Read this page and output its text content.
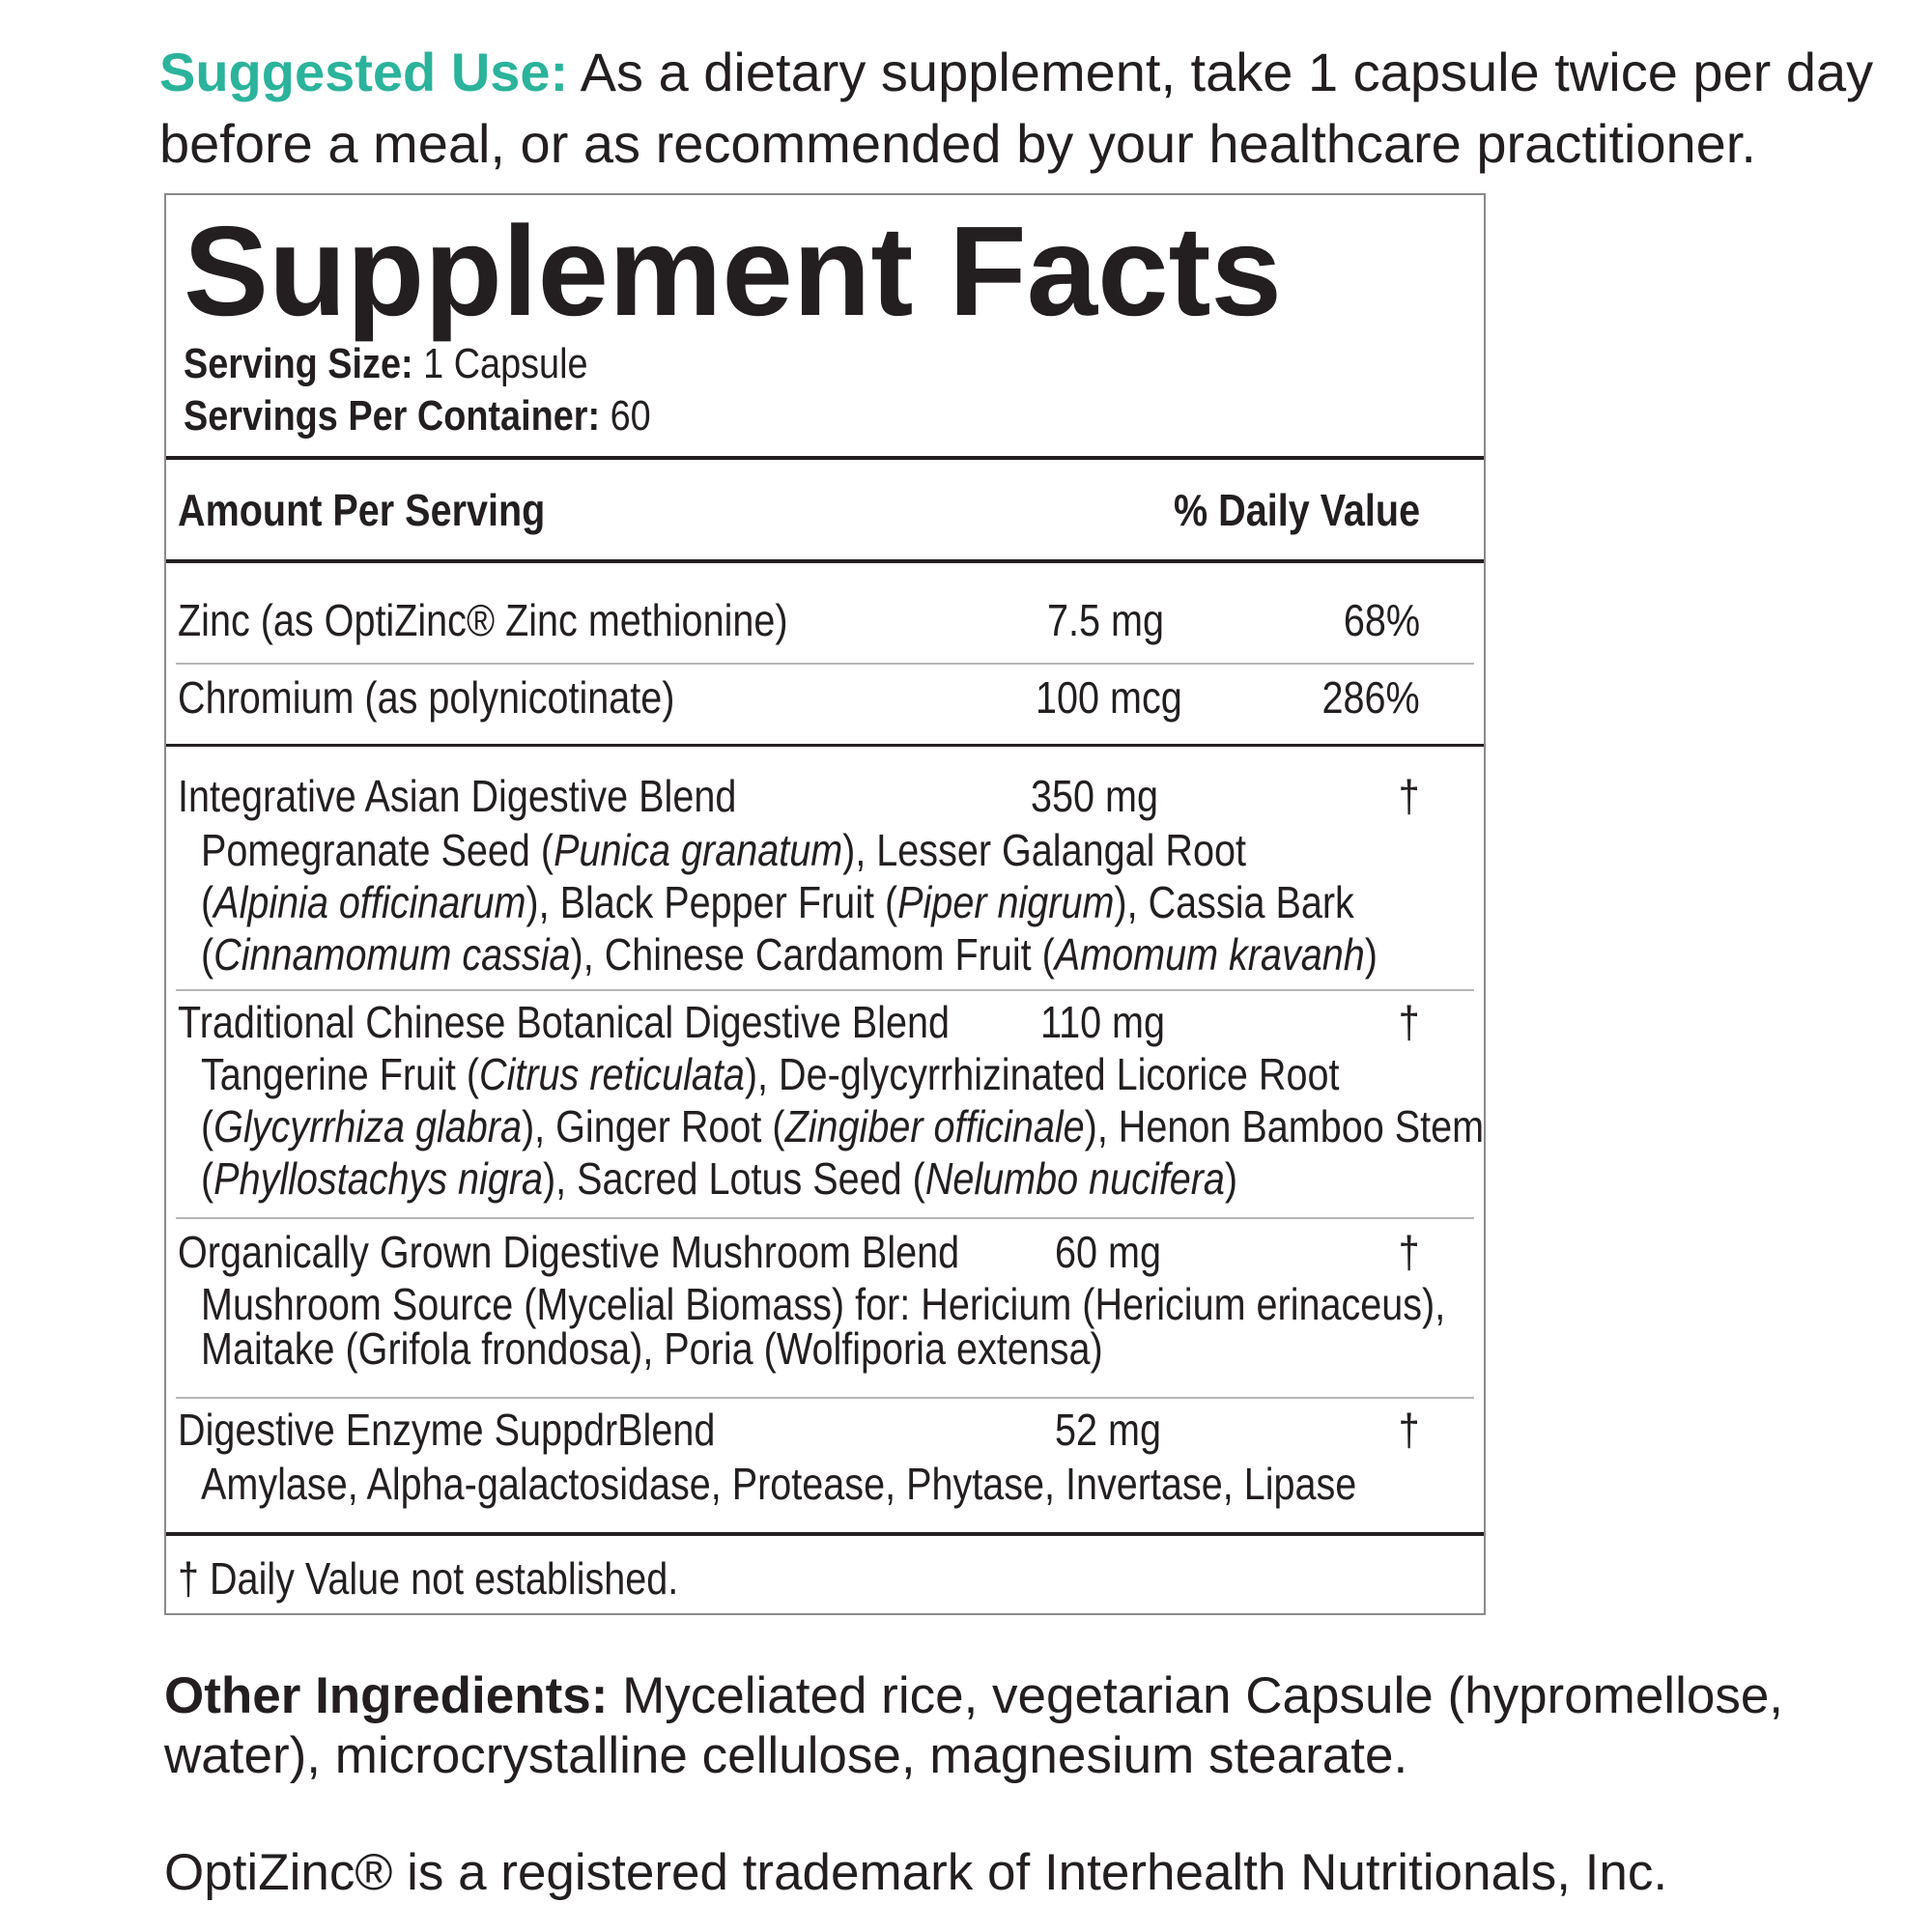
Suggested Use: As a dietary supplement, take 1 capsule twice per day before a meal, or as recommended by your healthcare practitioner.
Supplement Facts
Serving Size: 1 Capsule
Servings Per Container: 60
Amount Per Serving	% Daily Value
Zinc (as OptiZinc® Zinc methionine)	7.5 mg	68%
Chromium (as polynicotinate)	100 mcg	286%
Integrative Asian Digestive Blend	350 mg	†
Pomegranate Seed (Punica granatum), Lesser Galangal Root
(Alpinia officinarum), Black Pepper Fruit (Piper nigrum), Cassia Bark
(Cinnamomum cassia), Chinese Cardamom Fruit (Amomum kravanh)
Traditional Chinese Botanical Digestive Blend 110 mg	†
Tangerine Fruit (Citrus reticulata), De-glycyrrhizinated Licorice Root
(Glycyrrhiza glabra), Ginger Root (Zingiber officinale), Henon Bamboo Stem
(Phyllostachys nigra), Sacred Lotus Seed (Nelumbo nucifera)
Organically Grown Digestive Mushroom Blend 60 mg	†
Mushroom Source (Mycelial Biomass) for: Hericium (Hericium erinaceus),
Maitake (Grifola frondosa), Poria (Wolfiporia extensa)
Digestive Enzyme SuppdrBlend	52 mg	†
Amylase, Alpha-galactosidase, Protease, Phytase, Invertase, Lipase
† Daily Value not established.
Other Ingredients: Myceliated rice, vegetarian Capsule (hypromellose, water), microcrystalline cellulose, magnesium stearate.
OptiZinc® is a registered trademark of Interhealth Nutritionals, Inc.
